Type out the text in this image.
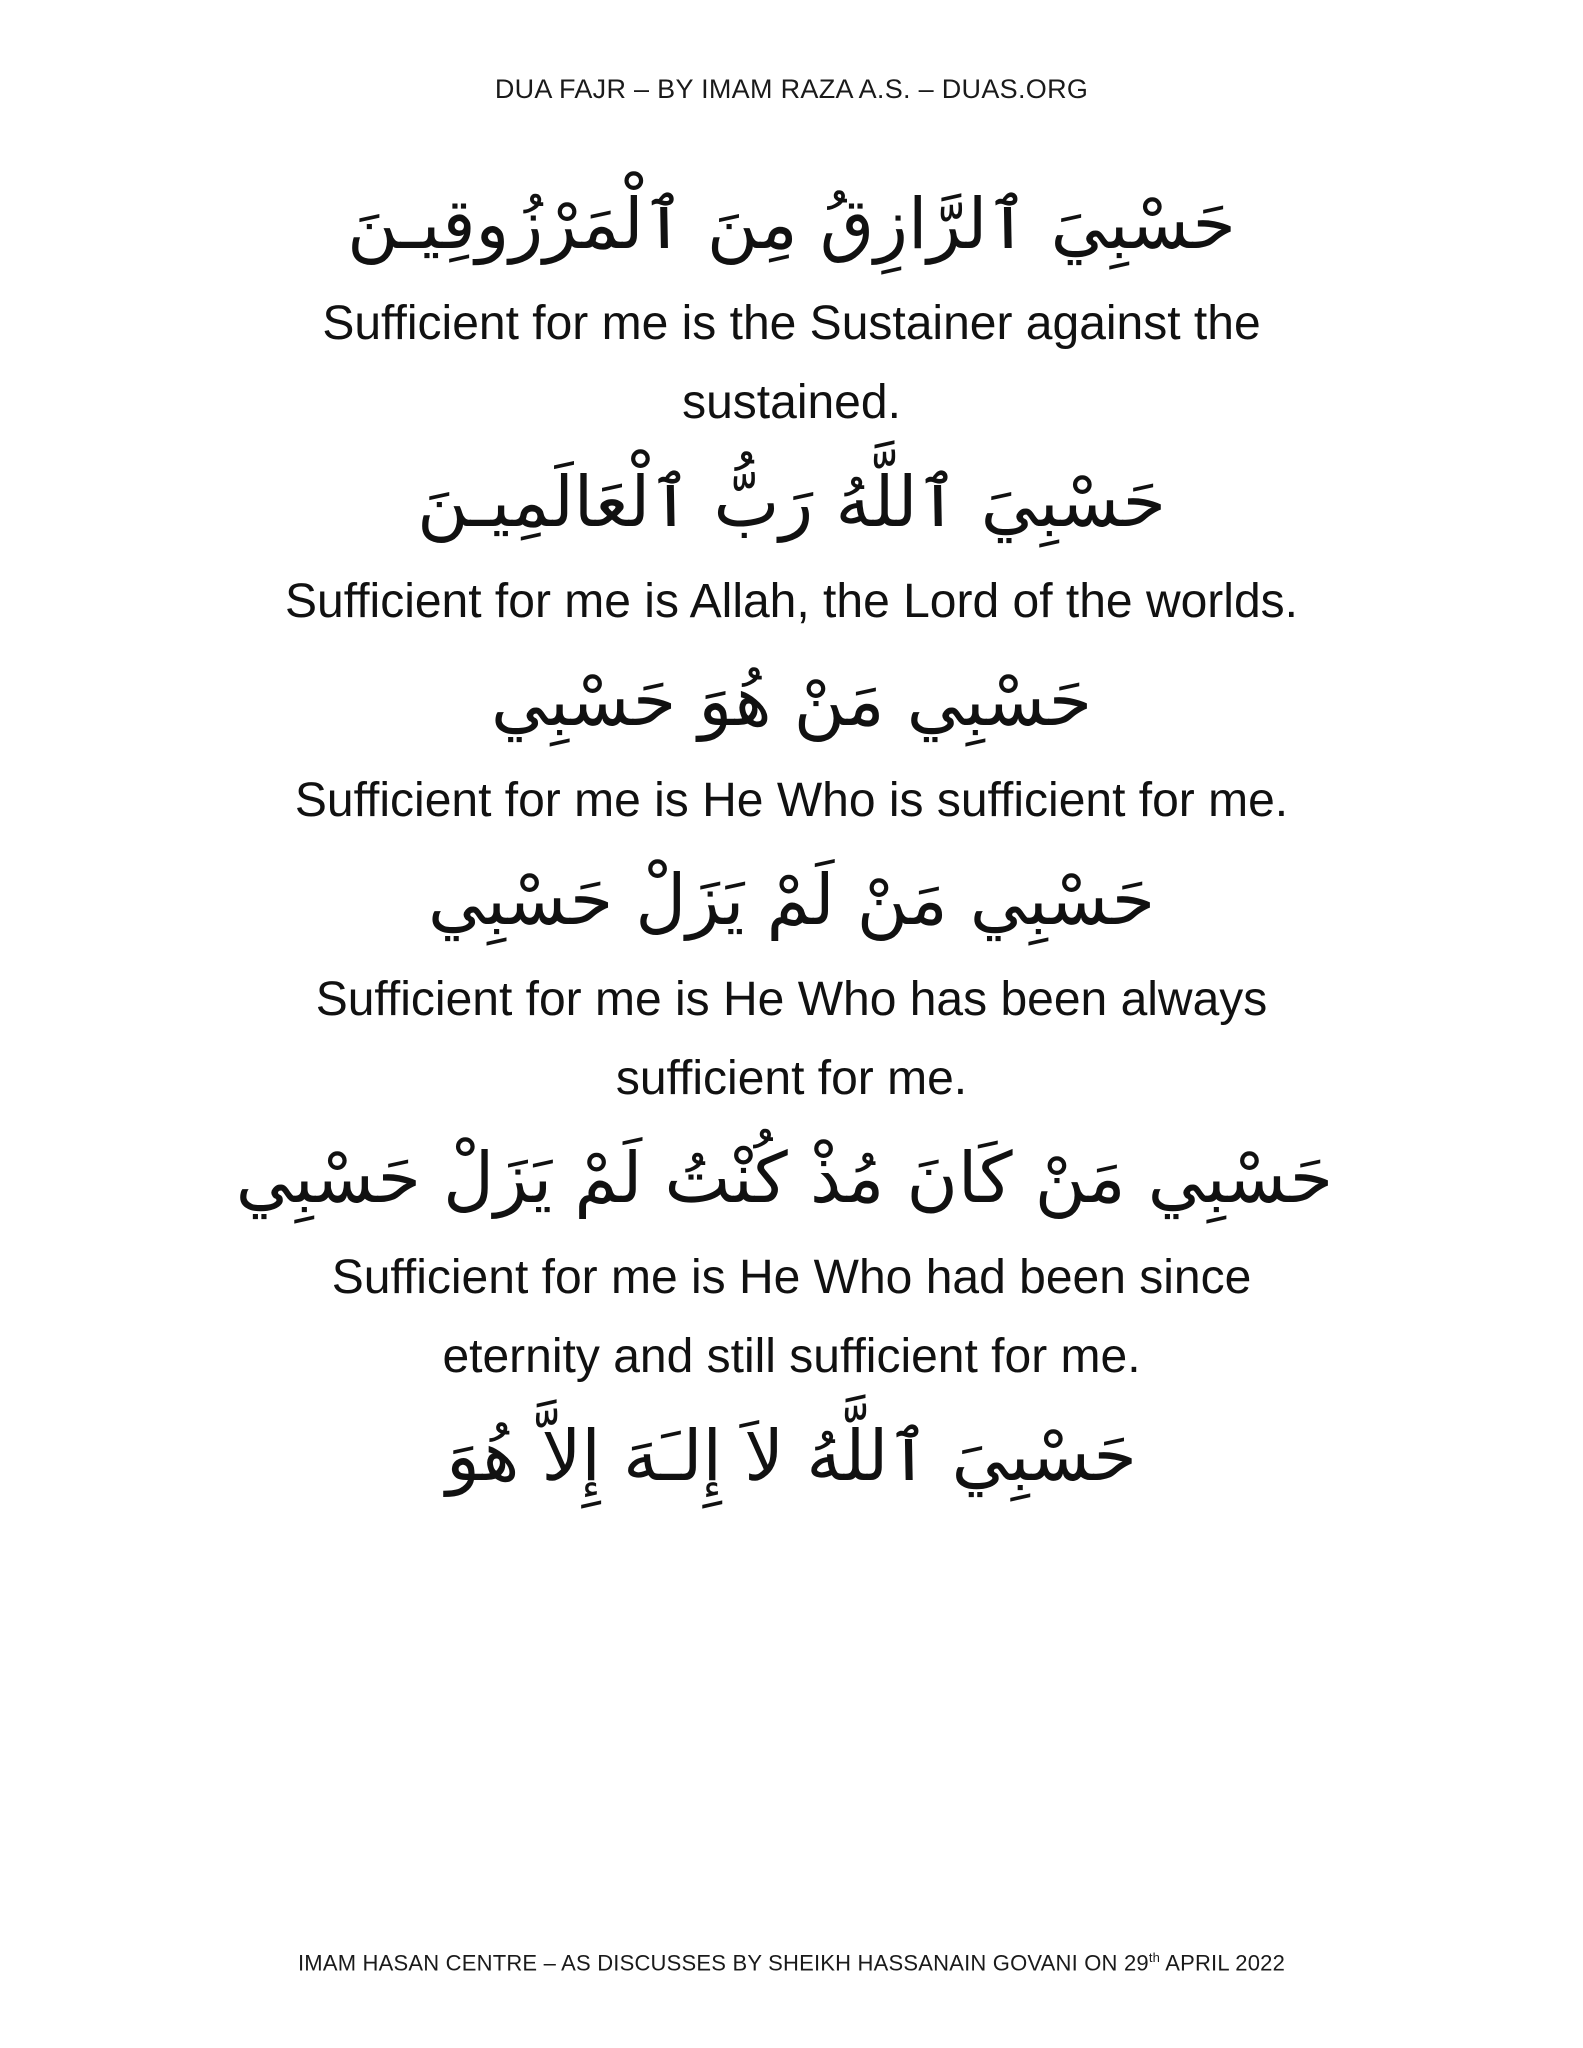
DUA FAJR – BY IMAM RAZA A.S. – DUAS.ORG
حَسْبِيَ ٱلرَّازِقُ مِنَ ٱلْمَرْزُوقِيـنَ
Sufficient for me is the Sustainer against the sustained.
حَسْبِيَ ٱللَّهُ رَبُّ ٱلْعَالَمِيـنَ
Sufficient for me is Allah, the Lord of the worlds.
حَسْبِي مَنْ هُوَ حَسْبِي
Sufficient for me is He Who is sufficient for me.
حَسْبِي مَنْ لَمْ يَزَلْ حَسْبِي
Sufficient for me is He Who has been always sufficient for me.
حَسْبِي مَنْ كَانَ مُذْ كُنْتُ لَمْ يَزَلْ حَسْبِي
Sufficient for me is He Who had been since eternity and still sufficient for me.
حَسْبِيَ ٱللَّهُ لاَ إِلـَهَ إِلاَّ هُوَ
IMAM HASAN CENTRE – AS DISCUSSES BY SHEIKH HASSANAIN GOVANI ON 29th APRIL 2022
